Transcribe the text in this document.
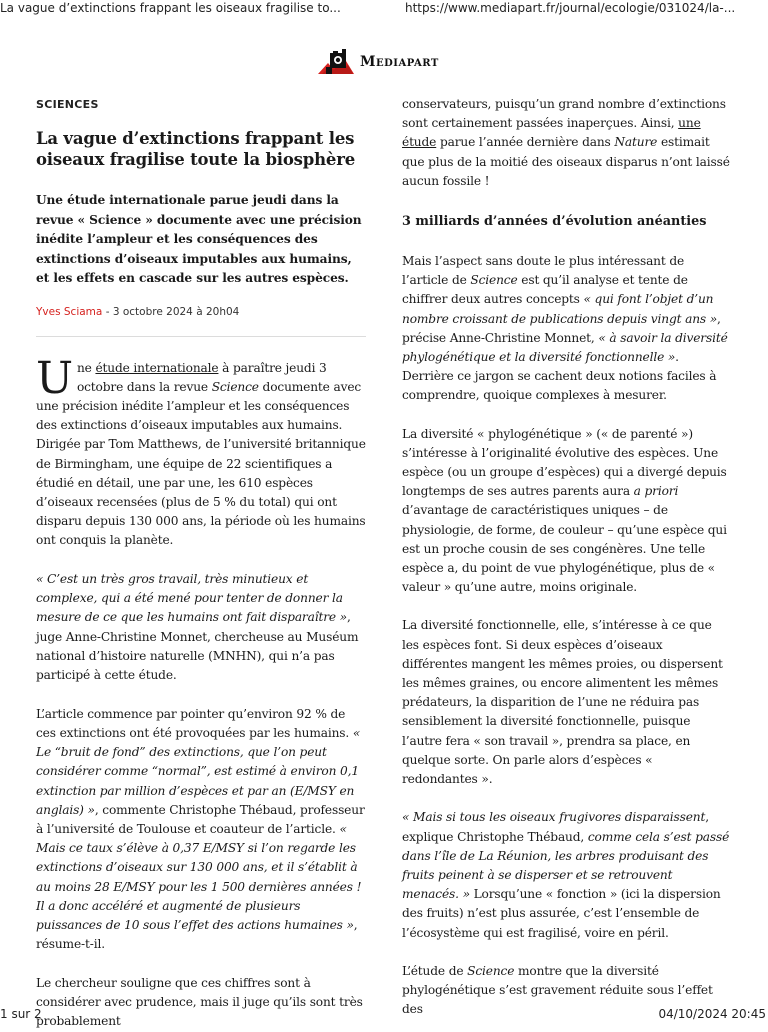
La vague d’extinctions frappant les oiseaux fragilise to...	https://www.mediapart.fr/journal/ecologie/031024/la-...
Mediapart
SCIENCES
La vague d’extinctions frappant les oiseaux fragilise toute la biosphère
Une étude internationale parue jeudi dans la revue « Science » documente avec une précision inédite l’ampleur et les conséquences des extinctions d’oiseaux imputables aux humains, et les effets en cascade sur les autres espèces.
Yves Sciama - 3 octobre 2024 à 20h04

Une étude internationale à paraître jeudi 3 octobre dans la revue Science documente avec une précision inédite l’ampleur et les conséquences des extinctions d’oiseaux imputables aux humains. Dirigée par Tom Matthews, de l’université britannique de Birmingham, une équipe de 22 scientifiques a étudié en détail, une par une, les 610 espèces d’oiseaux recensées (plus de 5 % du total) qui ont disparu depuis 130 000 ans, la période où les humains ont conquis la planète.

« C’est un très gros travail, très minutieux et complexe, qui a été mené pour tenter de donner la mesure de ce que les humains ont fait disparaître », juge Anne-Christine Monnet, chercheuse au Muséum national d’histoire naturelle (MNHN), qui n’a pas participé à cette étude.

L’article commence par pointer qu’environ 92 % de ces extinctions ont été provoquées par les humains. « Le “bruit de fond” des extinctions, que l’on peut considérer comme “normal”, est estimé à environ 0,1 extinction par million d’espèces et par an (E/MSY en anglais) », commente Christophe Thébaud, professeur à l’université de Toulouse et coauteur de l’article. « Mais ce taux s’élève à 0,37 E/MSY si l’on regarde les extinctions d’oiseaux sur 130 000 ans, et il s’établit à au moins 28 E/MSY pour les 1 500 dernières années ! Il a donc accéléré et augmenté de plusieurs puissances de 10 sous l’effet des actions humaines », résume-t-il.

Le chercheur souligne que ces chiffres sont à considérer avec prudence, mais il juge qu’ils sont très probablement

conservateurs, puisqu’un grand nombre d’extinctions sont certainement passées inaperçues. Ainsi, une étude parue l’année dernière dans Nature estimait que plus de la moitié des oiseaux disparus n’ont laissé aucun fossile !

3 milliards d’années d’évolution anéanties

Mais l’aspect sans doute le plus intéressant de l’article de Science est qu’il analyse et tente de chiffrer deux autres concepts « qui font l’objet d’un nombre croissant de publications depuis vingt ans », précise Anne-Christine Monnet, « à savoir la diversité phylogénétique et la diversité fonctionnelle ». Derrière ce jargon se cachent deux notions faciles à comprendre, quoique complexes à mesurer.

La diversité « phylogénétique » (« de parenté ») s’intéresse à l’originalité évolutive des espèces. Une espèce (ou un groupe d’espèces) qui a divergé depuis longtemps de ses autres parents aura a priori d’avantage de caractéristiques uniques – de physiologie, de forme, de couleur – qu’une espèce qui est un proche cousin de ses congénères. Une telle espèce a, du point de vue phylogénétique, plus de « valeur » qu’une autre, moins originale.

La diversité fonctionnelle, elle, s’intéresse à ce que les espèces font. Si deux espèces d’oiseaux différentes mangent les mêmes proies, ou dispersent les mêmes graines, ou encore alimentent les mêmes prédateurs, la disparition de l’une ne réduira pas sensiblement la diversité fonctionnelle, puisque l’autre fera « son travail », prendra sa place, en quelque sorte. On parle alors d’espèces « redondantes ».

« Mais si tous les oiseaux frugivores disparaissent, explique Christophe Thébaud, comme cela s’est passé dans l’île de La Réunion, les arbres produisant des fruits peinent à se disperser et se retrouvent menacés. » Lorsqu’une « fonction » (ici la dispersion des fruits) n’est plus assurée, c’est l’ensemble de l’écosystème qui est fragilisé, voire en péril.

L’étude de Science montre que la diversité phylogénétique s’est gravement réduite sous l’effet des

1 sur 2	04/10/2024 20:45
